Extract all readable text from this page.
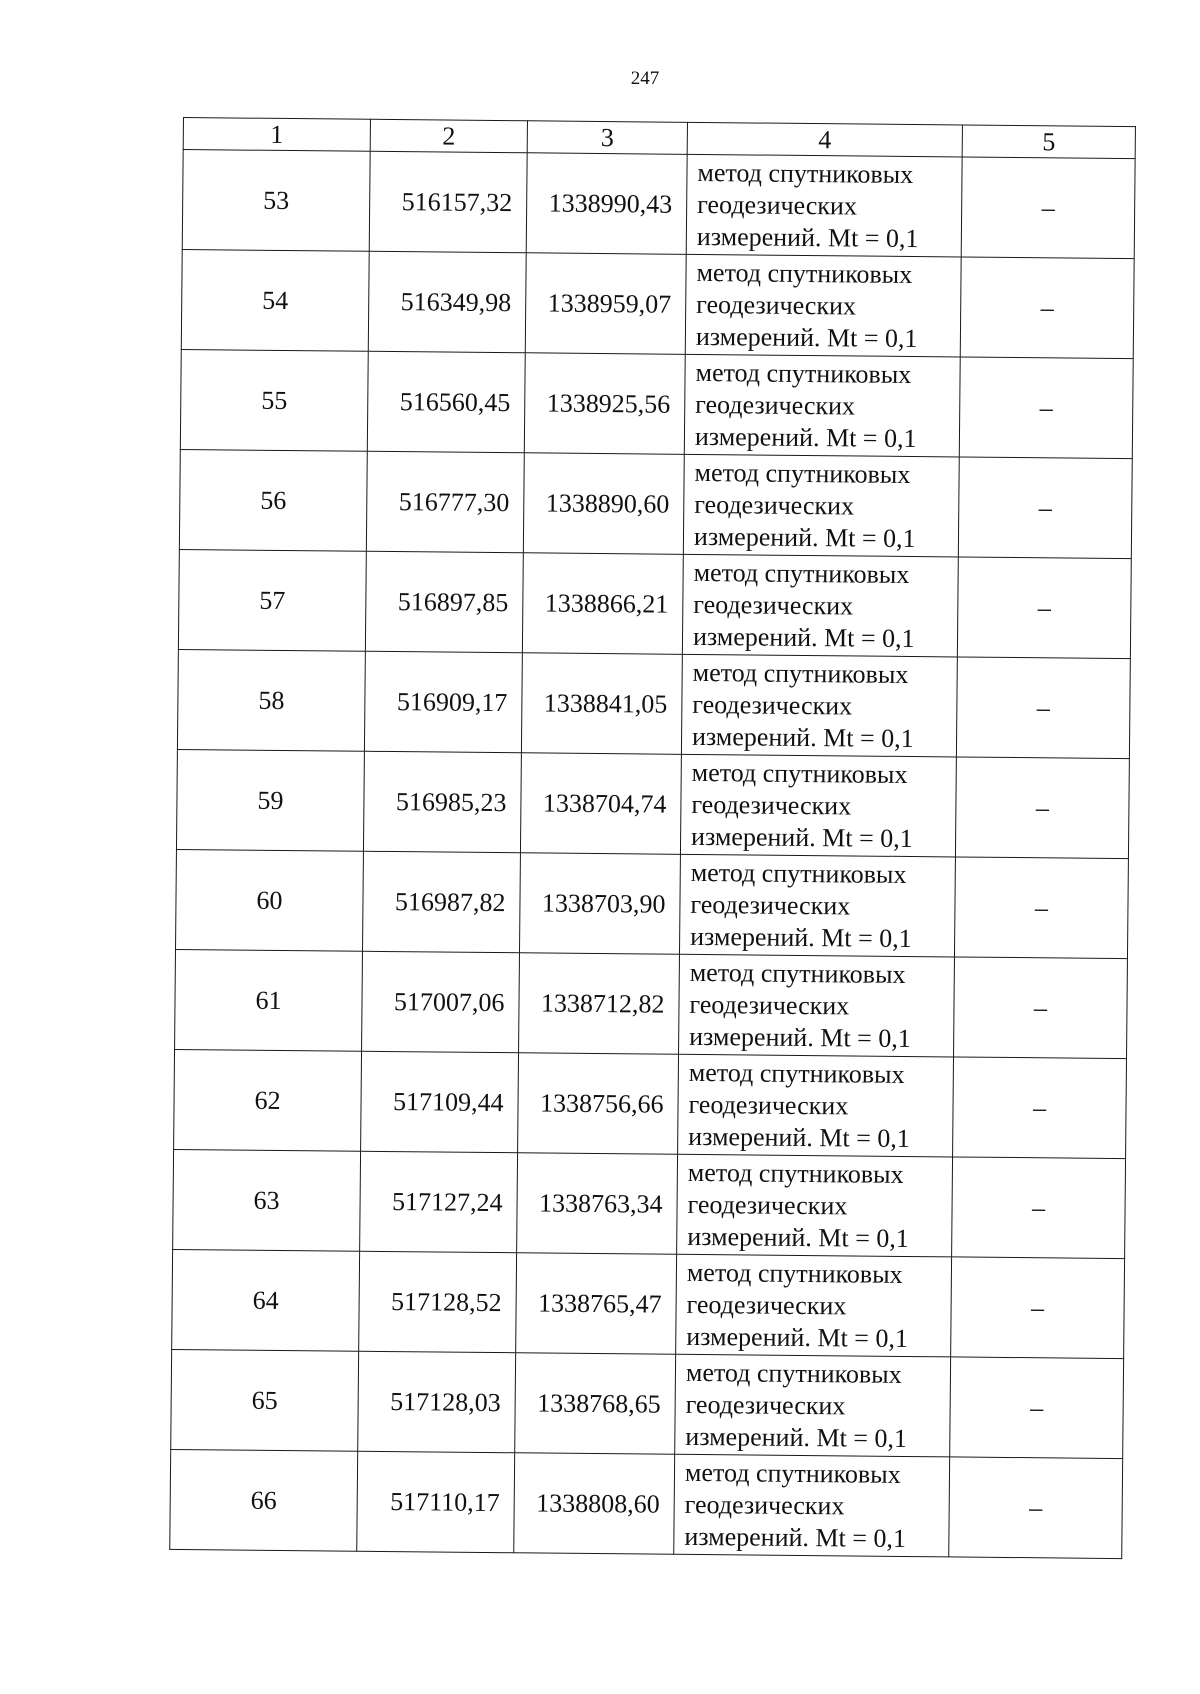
247
1	2	3	4	5
53	516157,32	1338990,43	метод спутниковых
геодезических
измерений. Mt = 0,1	–
54	516349,98	1338959,07	метод спутниковых
геодезических
измерений. Mt = 0,1	–
55	516560,45	1338925,56	метод спутниковых
геодезических
измерений. Mt = 0,1	–
56	516777,30	1338890,60	метод спутниковых
геодезических
измерений. Mt = 0,1	–
57	516897,85	1338866,21	метод спутниковых
геодезических
измерений. Mt = 0,1	–
58	516909,17	1338841,05	метод спутниковых
геодезических
измерений. Mt = 0,1	–
59	516985,23	1338704,74	метод спутниковых
геодезических
измерений. Mt = 0,1	–
60	516987,82	1338703,90	метод спутниковых
геодезических
измерений. Mt = 0,1	–
61	517007,06	1338712,82	метод спутниковых
геодезических
измерений. Mt = 0,1	–
62	517109,44	1338756,66	метод спутниковых
геодезических
измерений. Mt = 0,1	–
63	517127,24	1338763,34	метод спутниковых
геодезических
измерений. Mt = 0,1	–
64	517128,52	1338765,47	метод спутниковых
геодезических
измерений. Mt = 0,1	–
65	517128,03	1338768,65	метод спутниковых
геодезических
измерений. Mt = 0,1	–
66	517110,17	1338808,60	метод спутниковых
геодезических
измерений. Mt = 0,1	–
